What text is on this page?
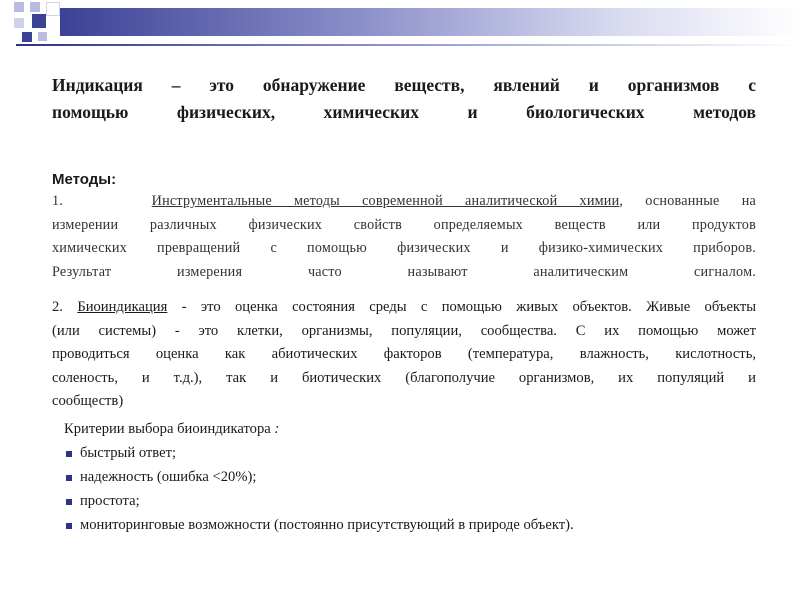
Индикация – это обнаружение веществ, явлений и организмов с
помощью физических, химических и биологических методов
Методы:
1.	Инструментальные методы современной аналитической химии, основанные на
измерении различных физических свойств определяемых веществ или продуктов
химических превращений с помощью физических и физико-химических приборов.
Результат измерения часто называют аналитическим сигналом.
2. Биоиндикация - это оценка состояния среды с помощью живых объектов. Живые объекты
(или системы) - это клетки, организмы, популяции, сообщества. С их помощью может
проводиться оценка как абиотических факторов (температура, влажность, кислотность,
соленость, и т.д.), так и биотических (благополучие организмов, их популяций и
сообществ)
Критерии выбора биоиндикатора :
быстрый ответ;
надежность (ошибка <20%);
простота;
мониторинговые возможности (постоянно присутствующий в природе объект).
